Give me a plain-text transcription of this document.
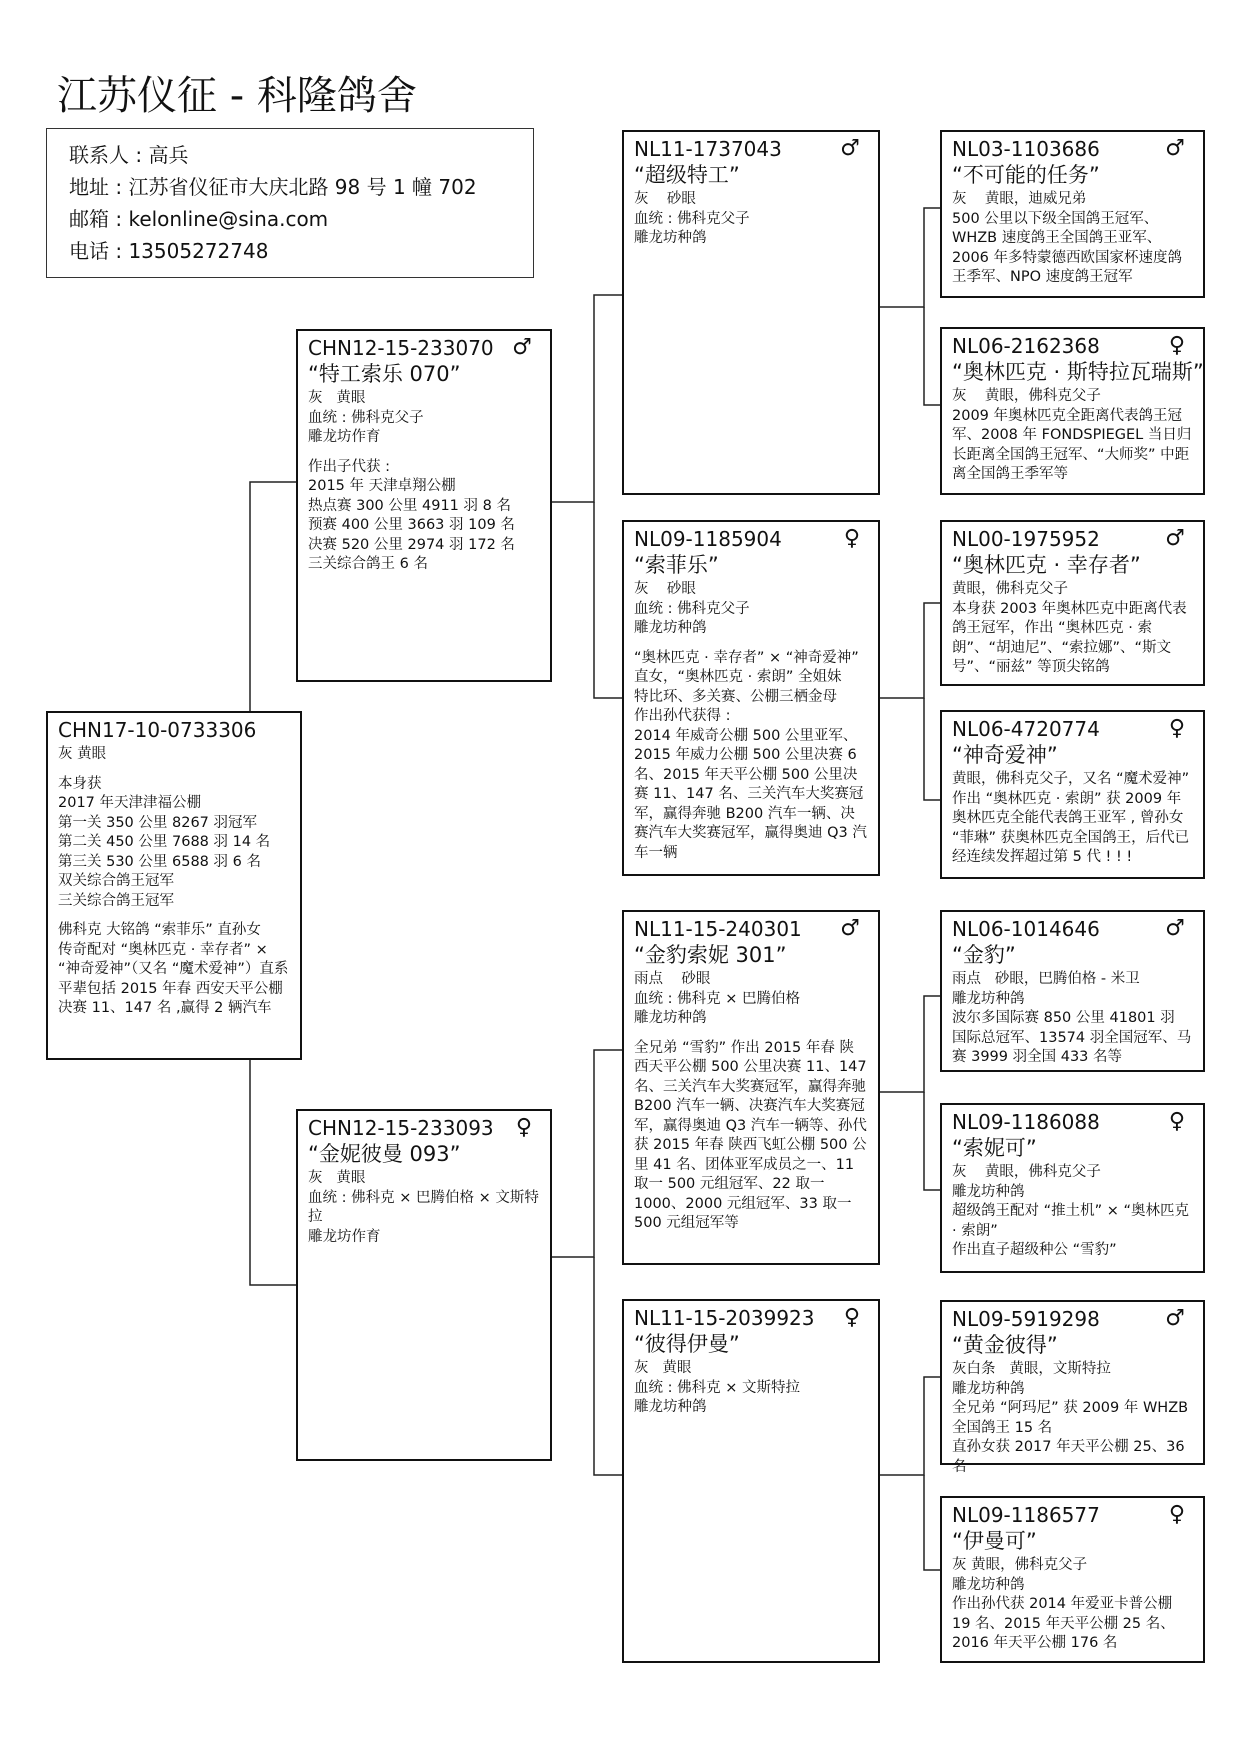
江苏仪征 - 科隆鸽舍
联系人 : 高兵
地址 : 江苏省仪征市大庆北路 98 号 1 幢 702
邮箱 : kelonline@sina.com
电话 : 13505272748
CHN17-10-0733306
灰 黄眼
本身获
2017 年天津津福公棚
第一关 350 公里 8267 羽冠军
第二关 450 公里 7688 羽 14 名
第三关 530 公里 6588 羽 6 名
双关综合鸽王冠军
三关综合鸽王冠军
佛科克 大铭鸽 “索菲乐” 直孙女
传奇配对 “奥林匹克 · 幸存者” × “神奇爱神”（又名 “魔术爱神”）直系
平辈包括 2015 年春 西安天平公棚
决赛 11、147 名 ,赢得 2 辆汽车
CHN12-15-233070 ♂
“特工索乐 070”
灰   黄眼
血统 : 佛科克父子
雕龙坊作育
作出子代获 :
2015 年 天津卓翔公棚
热点赛 300 公里 4911 羽 8 名
预赛 400 公里 3663 羽 109 名
决赛 520 公里 2974 羽 172 名
三关综合鸽王 6 名
CHN12-15-233093 ♀
“金妮彼曼 093”
灰   黄眼
血统 : 佛科克 × 巴腾伯格 × 文斯特拉
雕龙坊作育
NL11-1737043	♂
“超级特工”
灰    砂眼
血统 : 佛科克父子
雕龙坊种鸽
NL09-1185904	♀
“索菲乐”
灰    砂眼
血统 : 佛科克父子
雕龙坊种鸽
“奥林匹克 · 幸存者” × “神奇爱神” 直女，“奥林匹克 · 索朗” 全姐妹
特比环、多关赛、公棚三栖金母
作出孙代获得 :
2014 年威奇公棚 500 公里亚军、2015 年威力公棚 500 公里决赛 6 名、2015 年天平公棚 500 公里决赛 11、147 名、三关汽车大奖赛冠军，赢得奔驰 B200 汽车一辆、决赛汽车大奖赛冠军，赢得奥迪 Q3 汽车一辆
NL11-15-240301 ♂
“金豹索妮 301”
雨点    砂眼
血统 : 佛科克 × 巴腾伯格
雕龙坊种鸽
全兄弟 “雪豹” 作出 2015 年春 陕西天平公棚 500 公里决赛 11、147 名、三关汽车大奖赛冠军，赢得奔驰 B200 汽车一辆、决赛汽车大奖赛冠军，赢得奥迪 Q3 汽车一辆等、孙代获 2015 年春 陕西飞虹公棚 500 公里 41 名、团体亚军成员之一、11 取一 500 元组冠军、22 取一 1000、2000 元组冠军、33 取一 500 元组冠军等
NL11-15-2039923 ♀
“彼得伊曼”
灰   黄眼
血统 : 佛科克 × 文斯特拉
雕龙坊种鸽
NL03-1103686	♂
“不可能的任务”
灰    黄眼，迪威兄弟
500 公里以下级全国鸽王冠军、WHZB 速度鸽王全国鸽王亚军、2006 年多特蒙德西欧国家杯速度鸽王季军、NPO 速度鸽王冠军
NL06-2162368	♀
“奥林匹克 · 斯特拉瓦瑞斯”
灰    黄眼，佛科克父子
2009 年奥林匹克全距离代表鸽王冠军、2008 年 FONDSPIEGEL 当日归长距离全国鸽王冠军、“大师奖” 中距离全国鸽王季军等
NL00-1975952	♂
“奥林匹克 · 幸存者”
黄眼，佛科克父子
本身获 2003 年奥林匹克中距离代表鸽王冠军，作出 “奥林匹克 · 索朗”、“胡迪尼”、“索拉娜”、“斯文号”、“丽兹” 等顶尖铭鸽
NL06-4720774	♀
“神奇爱神”
黄眼，佛科克父子，又名 “魔术爱神”
作出 “奥林匹克 · 索朗” 获 2009 年奥林匹克全能代表鸽王亚军 , 曾孙女 “菲琳” 获奥林匹克全国鸽王，后代已经连续发挥超过第 5 代 ! ! !
NL06-1014646	♂
“金豹”
雨点   砂眼，巴腾伯格 - 米卫
雕龙坊种鸽
波尔多国际赛 850 公里 41801 羽 国际总冠军、13574 羽全国冠军、马赛 3999 羽全国 433 名等
NL09-1186088	♀
“索妮可”
灰    黄眼，佛科克父子
雕龙坊种鸽
超级鸽王配对 “推土机” × “奥林匹克 · 索朗”
作出直子超级种公 “雪豹”
NL09-5919298	♂
“黄金彼得”
灰白条   黄眼，文斯特拉
雕龙坊种鸽
全兄弟 “阿玛尼” 获 2009 年 WHZB 全国鸽王 15 名
直孙女获 2017 年天平公棚 25、36 名
NL09-1186577	♀
“伊曼可”
灰 黄眼，佛科克父子
雕龙坊种鸽
作出孙代获 2014 年爱亚卡普公棚 19 名、2015 年天平公棚 25 名、2016 年天平公棚 176 名
